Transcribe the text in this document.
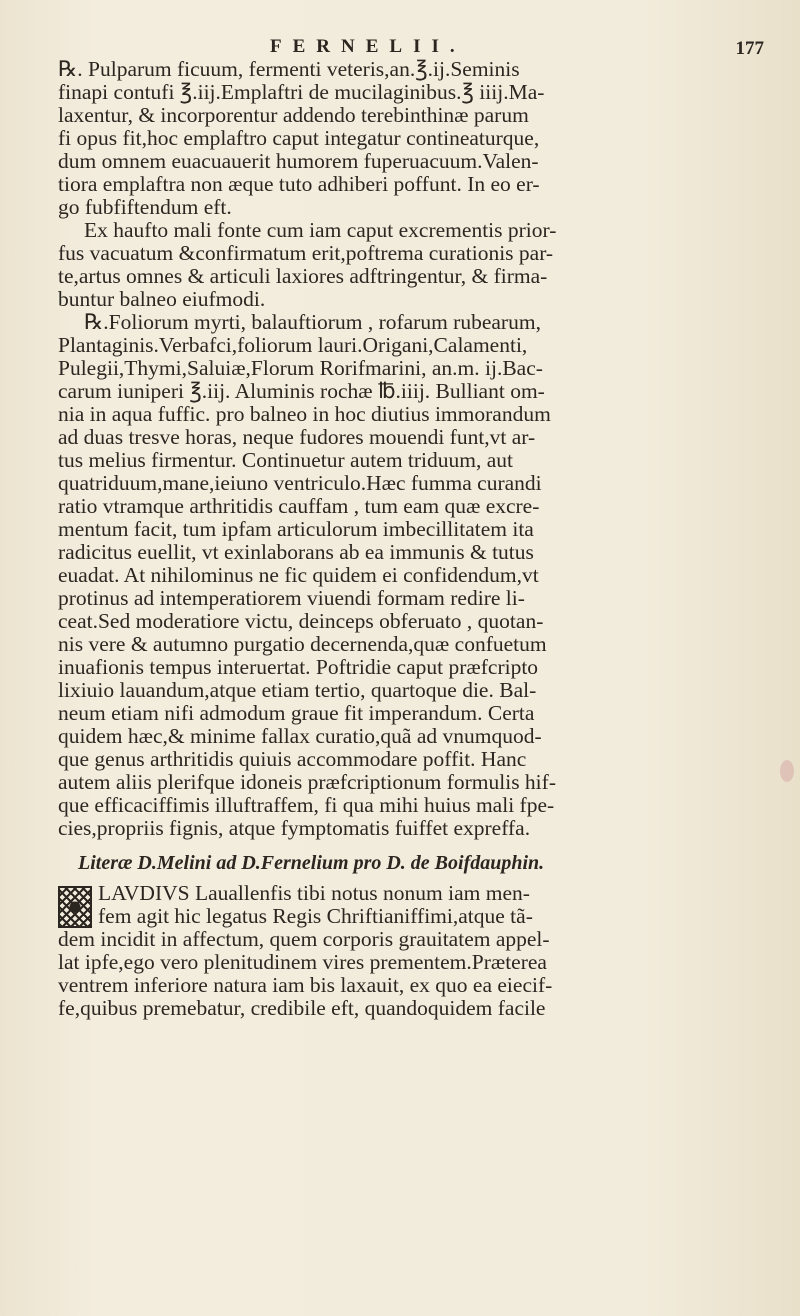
FERNELII.	177
℞. Pulparum ficuum, fermenti veteris,an.℥.ij.Seminis
finapi contufi ℥.iij.Emplaftri de mucilaginibus.℥ iiij.Ma-
laxentur, & incorporentur addendo terebinthinæ parum
fi opus fit,hoc emplaftro caput integatur contineaturque,
dum omnem euacuauerit humorem fuperuacuum.Valen-
tiora emplaftra non æque tuto adhiberi poffunt. In eo er-
go fubfiftendum eft.
Ex haufto mali fonte cum iam caput excrementis prior-
fus vacuatum &confirmatum erit,poftrema curationis par-
te,artus omnes & articuli laxiores adftringentur, & firma-
buntur balneo eiufmodi.
℞.Foliorum myrti, balauftiorum , rofarum rubearum,
Plantaginis.Verbafci,foliorum lauri.Origani,Calamenti,
Pulegii,Thymi,Saluiæ,Florum Rorifmarini, an.m. ij.Bac-
carum iuniperi ℥.iij. Aluminis rochæ ℔.iiij. Bulliant om-
nia in aqua fuffic. pro balneo in hoc diutius immorandum
ad duas tresve horas, neque fudores mouendi funt,vt ar-
tus melius firmentur. Continuetur autem triduum, aut
quatriduum,mane,ieiuno ventriculo.Hæc fumma curandi
ratio vtramque arthritidis cauffam , tum eam quæ excre-
mentum facit, tum ipfam articulorum imbecillitatem ita
radicitus euellit, vt exinlaborans ab ea immunis & tutus
euadat. At nihilominus ne fic quidem ei confidendum,vt
protinus ad intemperatiorem viuendi formam redire li-
ceat.Sed moderatiore victu, deinceps obferuato , quotan-
nis vere & autumno purgatio decernenda,quæ confuetum
inuafionis tempus interuertat. Poftridie caput præfcripto
lixiuio lauandum,atque etiam tertio, quartoque die. Bal-
neum etiam nifi admodum graue fit imperandum. Certa
quidem hæc,& minime fallax curatio,quã ad vnumquod-
que genus arthritidis quiuis accommodare poffit. Hanc
autem aliis plerifque idoneis præfcriptionum formulis hif-
que efficaciffimis illuftraffem, fi qua mihi huius mali fpe-
cies,propriis fignis, atque fymptomatis fuiffet expreffa.
Literæ D.Melini ad D.Fernelium pro D. de Boifdauphin.
LAVDIVS Lauallenfis tibi notus nonum iam men-
fem agit hic legatus Regis Chriftianiffimi,atque tã-
dem incidit in affectum, quem corporis grauitatem appel-
lat ipfe,ego vero plenitudinem vires prementem.Præterea
ventrem inferiore natura iam bis laxauit, ex quo ea eiecif-
fe,quibus premebatur, credibile eft, quandoquidem facile
